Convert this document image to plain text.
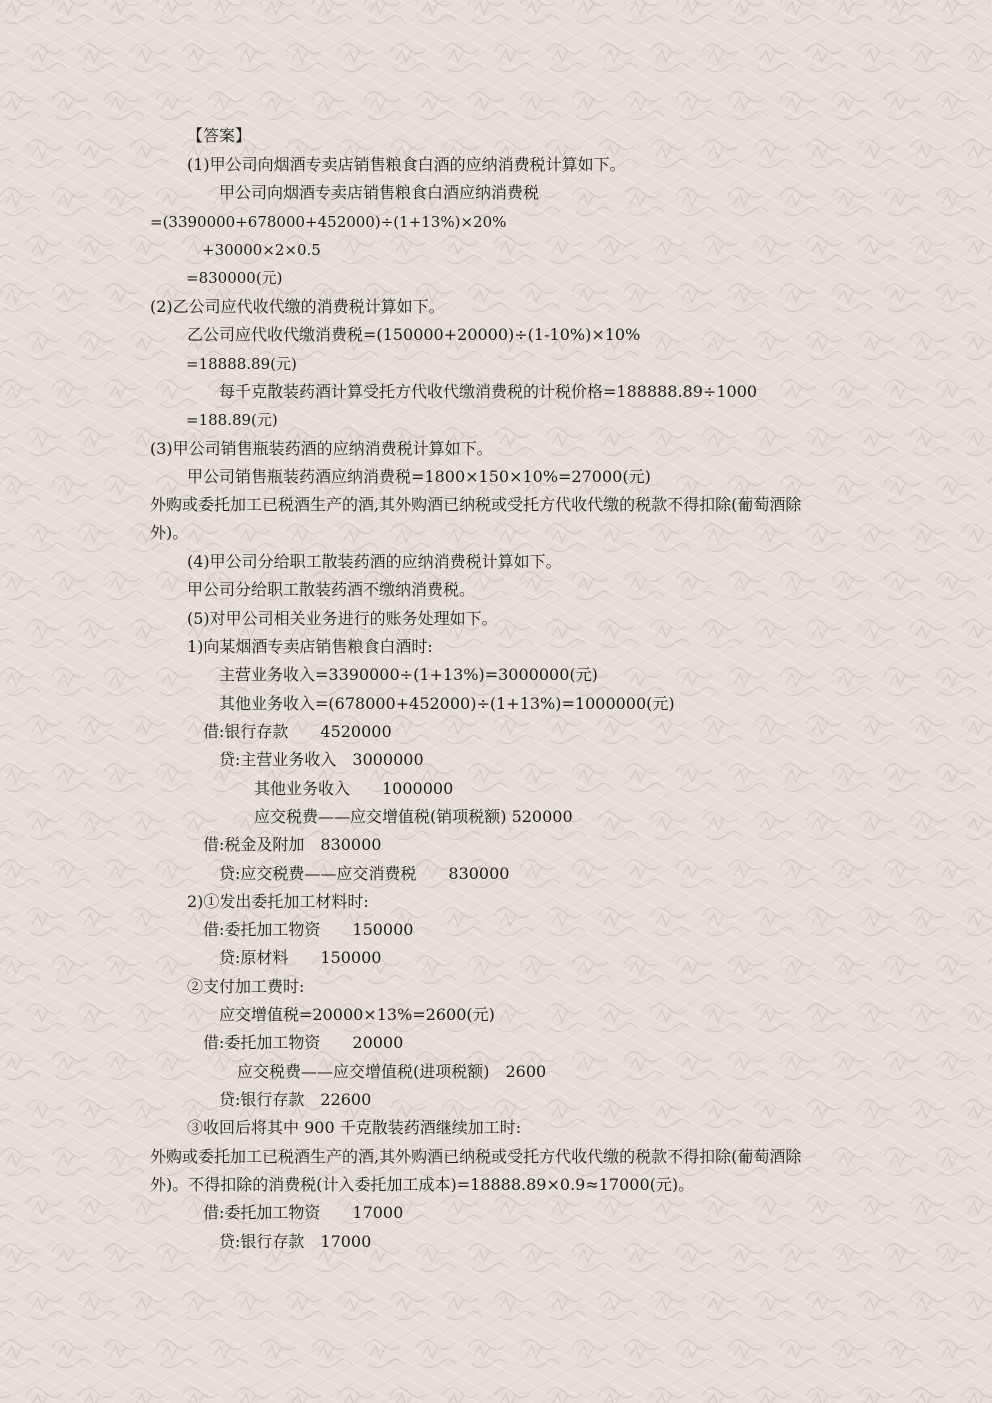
【答案】
(1)甲公司向烟酒专卖店销售粮食白酒的应纳消费税计算如下。
甲公司向烟酒专卖店销售粮食白酒应纳消费税
=(3390000+678000+452000)÷(1+13%)×20%
+30000×2×0.5
=830000(元)
(2)乙公司应代收代缴的消费税计算如下。
乙公司应代收代缴消费税=(150000+20000)÷(1-10%)×10%
=18888.89(元)
每千克散装药酒计算受托方代收代缴消费税的计税价格=188888.89÷1000
=188.89(元)
(3)甲公司销售瓶装药酒的应纳消费税计算如下。
甲公司销售瓶装药酒应纳消费税=1800×150×10%=27000(元)
外购或委托加工已税酒生产的酒,其外购酒已纳税或受托方代收代缴的税款不得扣除(葡萄酒除外)。
(4)甲公司分给职工散装药酒的应纳消费税计算如下。
甲公司分给职工散装药酒不缴纳消费税。
(5)对甲公司相关业务进行的账务处理如下。
1)向某烟酒专卖店销售粮食白酒时:
主营业务收入=3390000÷(1+13%)=3000000(元)
其他业务收入=(678000+452000)÷(1+13%)=1000000(元)
借:银行存款　　4520000
贷:主营业务收入　3000000
其他业务收入　　1000000
应交税费——应交增值税(销项税额) 520000
借:税金及附加　830000
贷:应交税费——应交消费税　　830000
2)①发出委托加工材料时:
借:委托加工物资　　150000
贷:原材料　　150000
②支付加工费时:
应交增值税=20000×13%=2600(元)
借:委托加工物资　　20000
应交税费——应交增值税(进项税额)　2600
贷:银行存款　22600
③收回后将其中 900 千克散装药酒继续加工时:
外购或委托加工已税酒生产的酒,其外购酒已纳税或受托方代收代缴的税款不得扣除(葡萄酒除外)。不得扣除的消费税(计入委托加工成本)=18888.89×0.9≈17000(元)。
借:委托加工物资　　17000
贷:银行存款　17000
